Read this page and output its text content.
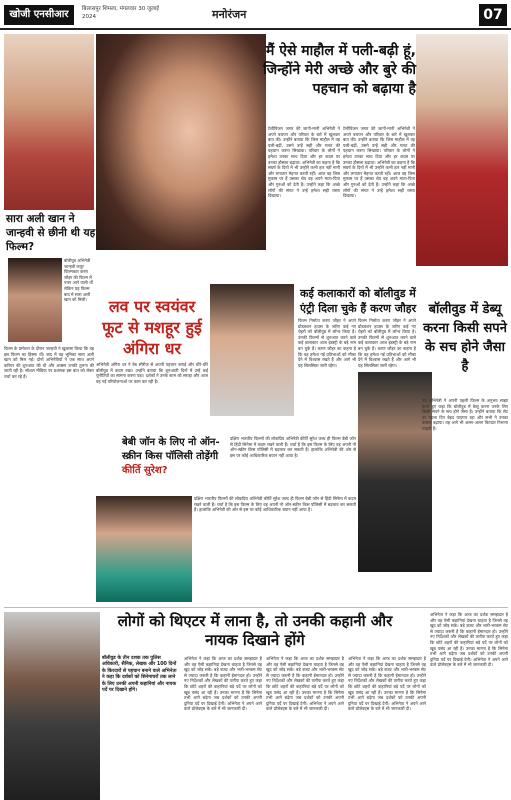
खोजी एनसीआर	बिलासपुर शिमला, मंगलवार 30 जुलाई 2024	मनोरंजन	07
मैं ऐसे माहौल में पली-बढ़ी हूं, जिन्होंने मेरी अच्छे और बुरे की पहचान को बढ़ाया है
टेलीविज़न जगत की जानी-मानी अभिनेत्री ने अपने बचपन और परिवार के बारे में खुलकर बात की। उन्होंने बताया कि जिस माहौल में वह पली-बढ़ीं, उसने उन्हें सही और गलत की पहचान करना सिखाया। परिवार के लोगों ने हमेशा उनका साथ दिया और हर कदम पर उनका हौसला बढ़ाया। अभिनेत्री का कहना है कि संघर्ष के दिनों में भी उन्होंने कभी हार नहीं मानी और लगातार मेहनत करती रहीं। आज वह जिस मुकाम पर हैं उसका श्रेय वह अपने माता-पिता और गुरुओं को देती हैं। उन्होंने कहा कि अच्छे लोगों की संगत ने उन्हें हमेशा सही रास्ता दिखाया।
टेलीविज़न जगत की जानी-मानी अभिनेत्री ने अपने बचपन और परिवार के बारे में खुलकर बात की। उन्होंने बताया कि जिस माहौल में वह पली-बढ़ीं, उसने उन्हें सही और गलत की पहचान करना सिखाया। परिवार के लोगों ने हमेशा उनका साथ दिया और हर कदम पर उनका हौसला बढ़ाया। अभिनेत्री का कहना है कि संघर्ष के दिनों में भी उन्होंने कभी हार नहीं मानी और लगातार मेहनत करती रहीं। आज वह जिस मुकाम पर हैं उसका श्रेय वह अपने माता-पिता और गुरुओं को देती हैं। उन्होंने कहा कि अच्छे लोगों की संगत ने उन्हें हमेशा सही रास्ता दिखाया।
सारा अली खान ने जान्हवी से छीनी थी यह फिल्म?
बॉलीवुड अभिनेत्री जान्हवी कपूर फिल्मकार करण जौहर की फिल्म में नजर आने वाली थीं लेकिन यह फिल्म बाद में सारा अली खान को मिली।
फिल्म के प्रमोशन के दौरान जान्हवी ने खुलासा किया कि वह इस फिल्म का हिस्सा थीं। बाद में यह भूमिका सारा अली खान को मिल गई। दोनों अभिनेत्रियों ने एक साथ अपने करियर की शुरुआत की थी और अक्सर उनकी तुलना की जाती रही है। सोशल मीडिया पर प्रशंसक इस बात को लेकर चर्चा कर रहे हैं।
लव पर स्वयंवर फूट से मशहूर हुई अंगिरा धर
अभिनेत्री अंगिरा धर ने वेब सीरीज़ से अपनी पहचान बनाई और धीरे-धीरे बॉलीवुड में कदम रखा। उन्होंने बताया कि शुरुआती दिनों में उन्हें कई चुनौतियों का सामना करना पड़ा। दर्शकों ने उनके काम को सराहा और आज वह नई परियोजनाओं पर काम कर रही हैं।
कई कलाकारों को बॉलीवुड में एंट्री दिला चुके हैं करण जौहर
फिल्म निर्माता करण जौहर ने अपने प्रोडक्शन हाउस के जरिए कई नए चेहरों को बॉलीवुड में लॉन्च किया है। उनकी फिल्मों से शुरुआत करने वाले कई कलाकार आज इंडस्ट्री के बड़े नाम बन चुके हैं। करण जौहर का कहना है कि वह हमेशा नई प्रतिभाओं को मौका देने में विश्वास रखते हैं और आगे भी यह सिलसिला जारी रहेगा।
फिल्म निर्माता करण जौहर ने अपने प्रोडक्शन हाउस के जरिए कई नए चेहरों को बॉलीवुड में लॉन्च किया है। उनकी फिल्मों से शुरुआत करने वाले कई कलाकार आज इंडस्ट्री के बड़े नाम बन चुके हैं। करण जौहर का कहना है कि वह हमेशा नई प्रतिभाओं को मौका देने में विश्वास रखते हैं और आगे भी यह सिलसिला जारी रहेगा।
बॉलीवुड में डेब्यू करना किसी सपने के सच होने जैसा है
नई अभिनेत्री ने अपनी पहली फिल्म के अनुभव साझा करते हुए कहा कि बॉलीवुड में डेब्यू करना उनके लिए किसी सपने के सच होने जैसा है। उन्होंने बताया कि सेट पर पहला दिन बेहद यादगार रहा और सभी ने उनका उत्साह बढ़ाया। वह आगे भी अलग-अलग किरदार निभाना चाहती हैं।
बेबी जॉन के लिए नो ऑन-स्क्रीन किस पॉलिसी तोड़ेंगी कीर्ति सुरेश?
दक्षिण भारतीय फिल्मों की लोकप्रिय अभिनेत्री कीर्ति सुरेश जल्द ही फिल्म बेबी जॉन से हिंदी सिनेमा में कदम रखने वाली हैं। चर्चा है कि इस फिल्म के लिए वह अपनी नो ऑन-स्क्रीन किस पॉलिसी में बदलाव कर सकती हैं। हालांकि अभिनेत्री की ओर से इस पर कोई आधिकारिक बयान नहीं आया है।
दक्षिण भारतीय फिल्मों की लोकप्रिय अभिनेत्री कीर्ति सुरेश जल्द ही फिल्म बेबी जॉन से हिंदी सिनेमा में कदम रखने वाली हैं। चर्चा है कि इस फिल्म के लिए वह अपनी नो ऑन-स्क्रीन किस पॉलिसी में बदलाव कर सकती हैं। हालांकि अभिनेत्री की ओर से इस पर कोई आधिकारिक बयान नहीं आया है।
लोगों को थिएटर में लाना है, तो उनकी कहानी और नायक दिखाने होंगे
बॉलीवुड के तीन दशक तक पुलिस अधिकारी, सैनिक, लेखक और 100 दिनों के किरदारों से पहचान बनाने वाले अभिनेता ने कहा कि दर्शकों को सिनेमाघरों तक लाने के लिए उनकी अपनी कहानियां और नायक पर्दे पर दिखाने होंगे।
अभिनेता ने कहा कि आज का दर्शक समझदार है और वह ऐसी कहानियां देखना चाहता है जिनसे वह खुद को जोड़ सके। बड़े बजट और भारी-भरकम सेट से ज्यादा जरूरी है कि कहानी ईमानदार हो। उन्होंने नए निर्देशकों और लेखकों की तारीफ करते हुए कहा कि छोटे शहरों की कहानियां बड़े पर्दे पर लोगों को खूब पसंद आ रही हैं। उनका मानना है कि सिनेमा तभी आगे बढ़ेगा जब दर्शकों को उनकी अपनी दुनिया पर्दे पर दिखाई देगी। अभिनेता ने अपने आने वाले प्रोजेक्ट्स के बारे में भी जानकारी दी।
अभिनेता ने कहा कि आज का दर्शक समझदार है और वह ऐसी कहानियां देखना चाहता है जिनसे वह खुद को जोड़ सके। बड़े बजट और भारी-भरकम सेट से ज्यादा जरूरी है कि कहानी ईमानदार हो। उन्होंने नए निर्देशकों और लेखकों की तारीफ करते हुए कहा कि छोटे शहरों की कहानियां बड़े पर्दे पर लोगों को खूब पसंद आ रही हैं। उनका मानना है कि सिनेमा तभी आगे बढ़ेगा जब दर्शकों को उनकी अपनी दुनिया पर्दे पर दिखाई देगी। अभिनेता ने अपने आने वाले प्रोजेक्ट्स के बारे में भी जानकारी दी।
अभिनेता ने कहा कि आज का दर्शक समझदार है और वह ऐसी कहानियां देखना चाहता है जिनसे वह खुद को जोड़ सके। बड़े बजट और भारी-भरकम सेट से ज्यादा जरूरी है कि कहानी ईमानदार हो। उन्होंने नए निर्देशकों और लेखकों की तारीफ करते हुए कहा कि छोटे शहरों की कहानियां बड़े पर्दे पर लोगों को खूब पसंद आ रही हैं। उनका मानना है कि सिनेमा तभी आगे बढ़ेगा जब दर्शकों को उनकी अपनी दुनिया पर्दे पर दिखाई देगी। अभिनेता ने अपने आने वाले प्रोजेक्ट्स के बारे में भी जानकारी दी।
अभिनेता ने कहा कि आज का दर्शक समझदार है और वह ऐसी कहानियां देखना चाहता है जिनसे वह खुद को जोड़ सके। बड़े बजट और भारी-भरकम सेट से ज्यादा जरूरी है कि कहानी ईमानदार हो। उन्होंने नए निर्देशकों और लेखकों की तारीफ करते हुए कहा कि छोटे शहरों की कहानियां बड़े पर्दे पर लोगों को खूब पसंद आ रही हैं। उनका मानना है कि सिनेमा तभी आगे बढ़ेगा जब दर्शकों को उनकी अपनी दुनिया पर्दे पर दिखाई देगी। अभिनेता ने अपने आने वाले प्रोजेक्ट्स के बारे में भी जानकारी दी।
